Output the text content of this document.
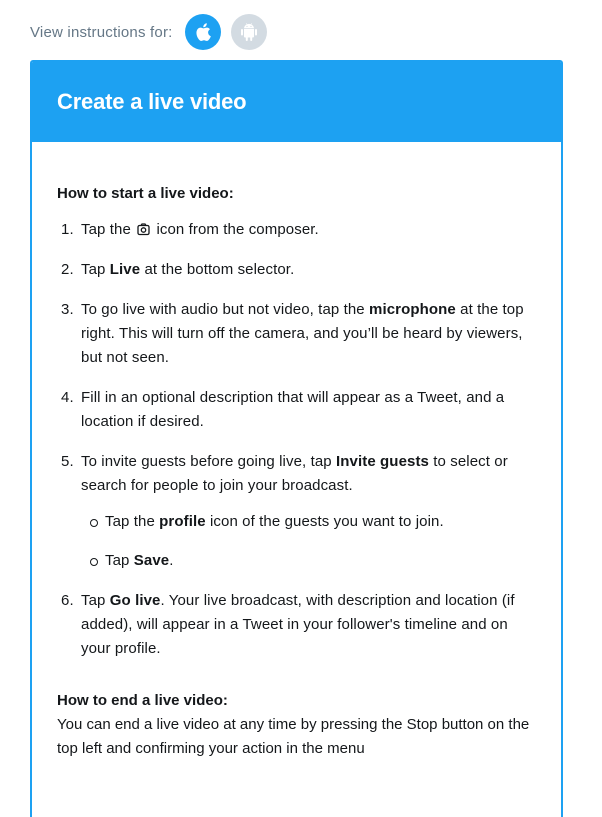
View instructions for:
Create a live video
How to start a live video:
1. Tap the  icon from the composer.
2. Tap Live at the bottom selector.
3. To go live with audio but not video, tap the microphone at the top right. This will turn off the camera, and you’ll be heard by viewers, but not seen.
4. Fill in an optional description that will appear as a Tweet, and a location if desired.
5. To invite guests before going live, tap Invite guests to select or search for people to join your broadcast.
Tap the profile icon of the guests you want to join.
Tap Save.
6. Tap Go live. Your live broadcast, with description and location (if added), will appear in a Tweet in your follower's timeline and on your profile.
How to end a live video:

You can end a live video at any time by pressing the Stop button on the top left and confirming your action in the menu
